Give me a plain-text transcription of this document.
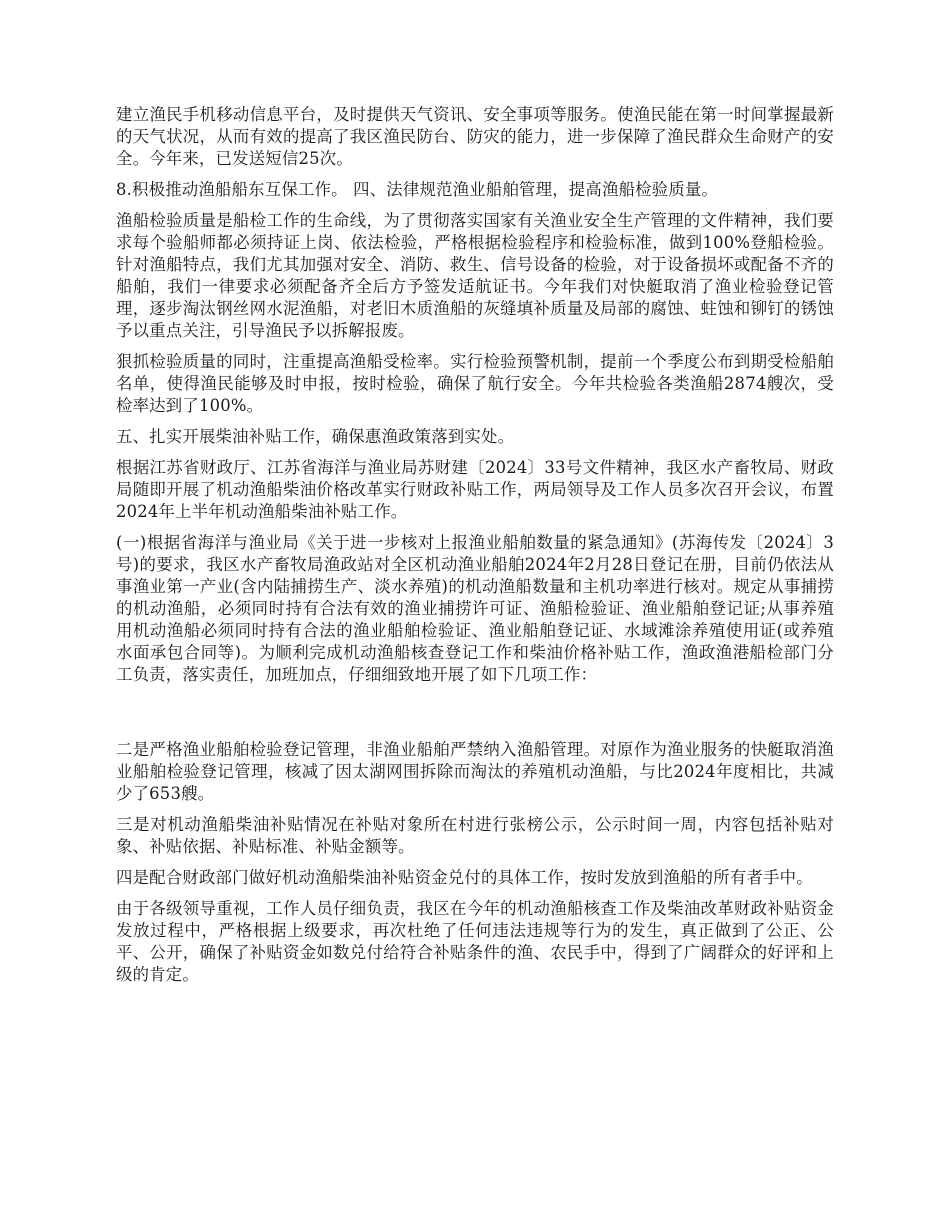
建立渔民手机移动信息平台，及时提供天气资讯、安全事项等服务。使渔民能在第一时间掌握最新的天气状况，从而有效的提高了我区渔民防台、防灾的能力，进一步保障了渔民群众生命财产的安全。今年来，已发送短信25次。

8.积极推动渔船船东互保工作。 四、法律规范渔业船舶管理，提高渔船检验质量。

渔船检验质量是船检工作的生命线，为了贯彻落实国家有关渔业安全生产管理的文件精神，我们要求每个验船师都必须持证上岗、依法检验，严格根据检验程序和检验标准，做到100%登船检验。针对渔船特点，我们尤其加强对安全、消防、救生、信号设备的检验，对于设备损坏或配备不齐的船舶，我们一律要求必须配备齐全后方予签发适航证书。今年我们对快艇取消了渔业检验登记管理，逐步淘汰钢丝网水泥渔船，对老旧木质渔船的灰缝填补质量及局部的腐蚀、蛀蚀和铆钉的锈蚀予以重点关注，引导渔民予以拆解报废。

狠抓检验质量的同时，注重提高渔船受检率。实行检验预警机制，提前一个季度公布到期受检船舶名单，使得渔民能够及时申报，按时检验，确保了航行安全。今年共检验各类渔船2874艘次，受检率达到了100%。

五、扎实开展柴油补贴工作，确保惠渔政策落到实处。

根据江苏省财政厅、江苏省海洋与渔业局苏财建〔2024〕33号文件精神，我区水产畜牧局、财政局随即开展了机动渔船柴油价格改革实行财政补贴工作，两局领导及工作人员多次召开会议，布置2024年上半年机动渔船柴油补贴工作。

(一)根据省海洋与渔业局《关于进一步核对上报渔业船舶数量的紧急通知》(苏海传发〔2024〕3号)的要求，我区水产畜牧局渔政站对全区机动渔业船舶2024年2月28日登记在册，目前仍依法从事渔业第一产业(含内陆捕捞生产、淡水养殖)的机动渔船数量和主机功率进行核对。规定从事捕捞的机动渔船，必须同时持有合法有效的渔业捕捞许可证、渔船检验证、渔业船舶登记证;从事养殖用机动渔船必须同时持有合法的渔业船舶检验证、渔业船舶登记证、水域滩涂养殖使用证(或养殖水面承包合同等)。为顺利完成机动渔船核查登记工作和柴油价格补贴工作，渔政渔港船检部门分工负责，落实责任，加班加点，仔细细致地开展了如下几项工作：

二是严格渔业船舶检验登记管理，非渔业船舶严禁纳入渔船管理。对原作为渔业服务的快艇取消渔业船舶检验登记管理，核减了因太湖网围拆除而淘汰的养殖机动渔船，与比2024年度相比，共减少了653艘。

三是对机动渔船柴油补贴情况在补贴对象所在村进行张榜公示，公示时间一周，内容包括补贴对象、补贴依据、补贴标准、补贴金额等。

四是配合财政部门做好机动渔船柴油补贴资金兑付的具体工作，按时发放到渔船的所有者手中。

由于各级领导重视，工作人员仔细负责，我区在今年的机动渔船核查工作及柴油改革财政补贴资金发放过程中，严格根据上级要求，再次杜绝了任何违法违规等行为的发生，真正做到了公正、公平、公开，确保了补贴资金如数兑付给符合补贴条件的渔、农民手中，得到了广阔群众的好评和上级的肯定。
